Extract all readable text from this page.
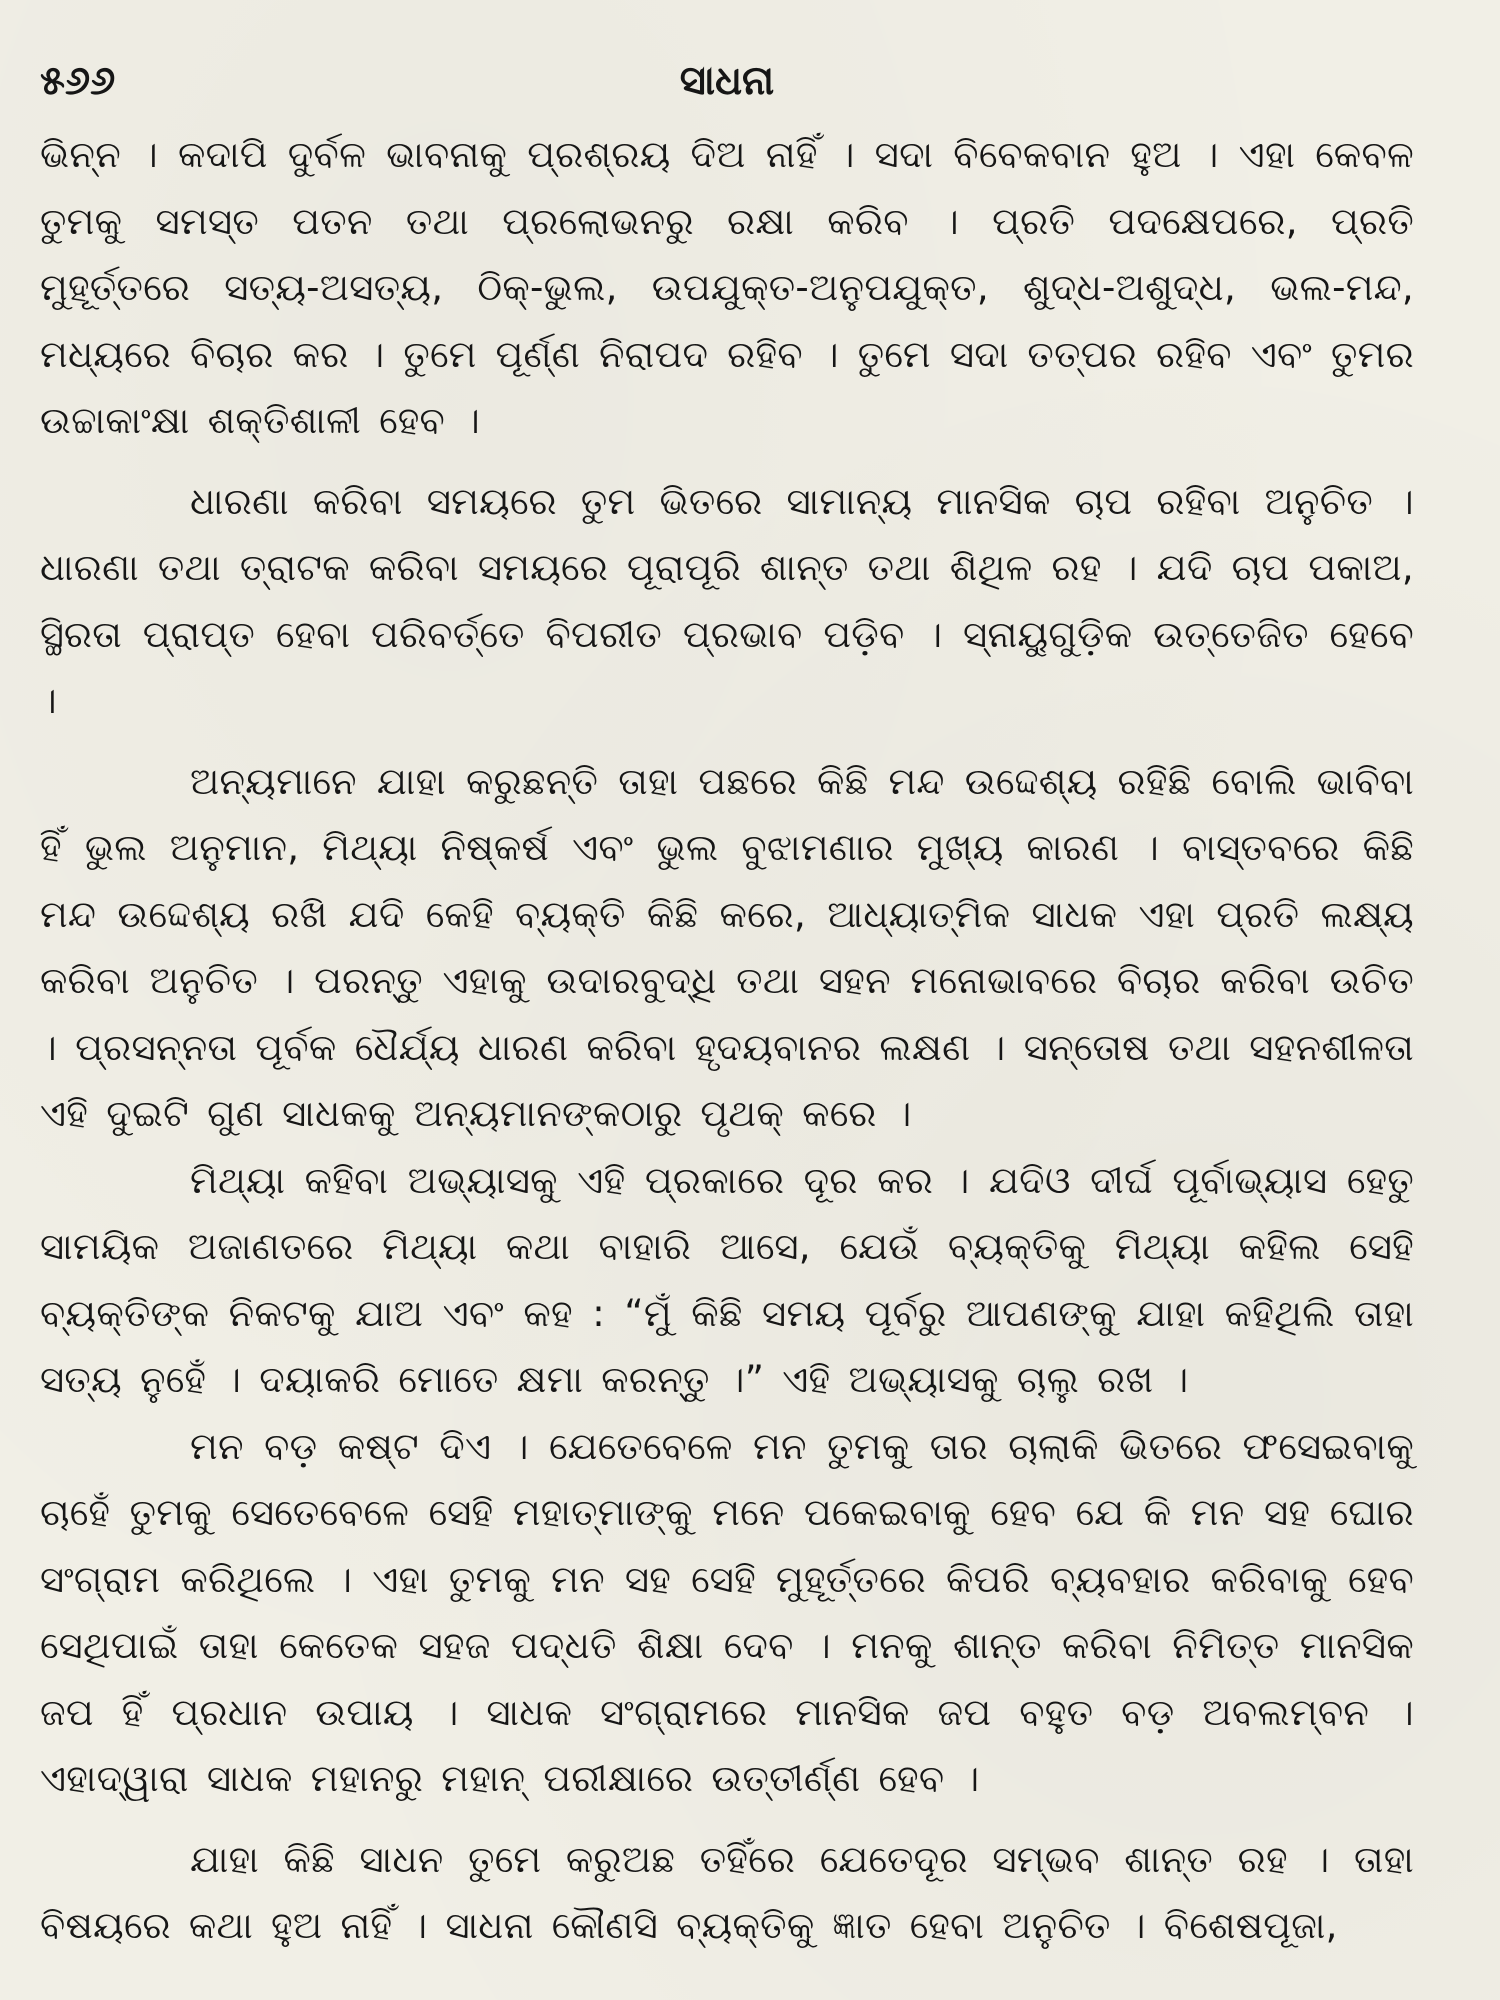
୫୬୬	ସାଧନା

ଭିନ୍ନ । କଦାପି ଦୁର୍ବଳ ଭାବନାକୁ ପ୍ରଶ୍ରୟ ଦିଅ ନାହିଁ । ସଦା ବିବେକବାନ ହୁଅ । ଏହା କେବଳ ତୁମକୁ ସମସ୍ତ ପତନ ତଥା ପ୍ରଲୋଭନରୁ ରକ୍ଷା କରିବ । ପ୍ରତି ପଦକ୍ଷେପରେ, ପ୍ରତି ମୁହୂର୍ତ୍ତରେ ସତ୍ୟ-ଅସତ୍ୟ, ଠିକ୍-ଭୁଲ, ଉପଯୁକ୍ତ-ଅନୁପଯୁକ୍ତ, ଶୁଦ୍ଧ-ଅଶୁଦ୍ଧ, ଭଲ-ମନ୍ଦ, ମଧ୍ୟରେ ବିଚାର କର । ତୁମେ ପୂର୍ଣ୍ଣ ନିରାପଦ ରହିବ । ତୁମେ ସଦା ତତ୍ପର ରହିବ ଏବଂ ତୁମର ଉଚ୍ଚାକାଂକ୍ଷା ଶକ୍ତିଶାଳୀ ହେବ ।

ଧାରଣା କରିବା ସମୟରେ ତୁମ ଭିତରେ ସାମାନ୍ୟ ମାନସିକ ଚାପ ରହିବା ଅନୁଚିତ । ଧାରଣା ତଥା ତ୍ରାଟକ କରିବା ସମୟରେ ପୂରାପୂରି ଶାନ୍ତ ତଥା ଶିଥିଳ ରହ । ଯଦି ଚାପ ପକାଅ, ସ୍ଥିରତା ପ୍ରାପ୍ତ ହେବା ପରିବର୍ତ୍ତେ ବିପରୀତ ପ୍ରଭାବ ପଡ଼ିବ । ସ୍ନାୟୁଗୁଡ଼ିକ ଉତ୍ତେଜିତ ହେବେ ।

ଅନ୍ୟମାନେ ଯାହା କରୁଛନ୍ତି ତାହା ପଛରେ କିଛି ମନ୍ଦ ଉଦ୍ଦେଶ୍ୟ ରହିଛି ବୋଲି ଭାବିବା ହିଁ ଭୁଲ ଅନୁମାନ, ମିଥ୍ୟା ନିଷ୍କର୍ଷ ଏବଂ ଭୁଲ ବୁଝାମଣାର ମୁଖ୍ୟ କାରଣ । ବାସ୍ତବରେ କିଛି ମନ୍ଦ ଉଦ୍ଦେଶ୍ୟ ରଖି ଯଦି କେହି ବ୍ୟକ୍ତି କିଛି କରେ, ଆଧ୍ୟାତ୍ମିକ ସାଧକ ଏହା ପ୍ରତି ଲକ୍ଷ୍ୟ କରିବା ଅନୁଚିତ । ପରନ୍ତୁ ଏହାକୁ ଉଦାରବୁଦ୍ଧି ତଥା ସହନ ମନୋଭାବରେ ବିଚାର କରିବା ଉଚିତ । ପ୍ରସନ୍ନତା ପୂର୍ବକ ଧୈର୍ଯ୍ୟ ଧାରଣ କରିବା ହୃଦୟବାନର ଲକ୍ଷଣ । ସନ୍ତୋଷ ତଥା ସହନଶୀଳତା ଏହି ଦୁଇଟି ଗୁଣ ସାଧକକୁ ଅନ୍ୟମାନଙ୍କଠାରୁ ପୃଥକ୍ କରେ ।

ମିଥ୍ୟା କହିବା ଅଭ୍ୟାସକୁ ଏହି ପ୍ରକାରେ ଦୂର କର । ଯଦିଓ ଦୀର୍ଘ ପୂର୍ବାଭ୍ୟାସ ହେତୁ ସାମୟିକ ଅଜାଣତରେ ମିଥ୍ୟା କଥା ବାହାରି ଆସେ, ଯେଉଁ ବ୍ୟକ୍ତିକୁ ମିଥ୍ୟା କହିଲ ସେହି ବ୍ୟକ୍ତିଙ୍କ ନିକଟକୁ ଯାଅ ଏବଂ କହ : “ମୁଁ କିଛି ସମୟ ପୂର୍ବରୁ ଆପଣଙ୍କୁ ଯାହା କହିଥିଲି ତାହା ସତ୍ୟ ନୁହେଁ । ଦୟାକରି ମୋତେ କ୍ଷମା କରନ୍ତୁ ।” ଏହି ଅଭ୍ୟାସକୁ ଚାଲୁ ରଖ ।

ମନ ବଡ଼ କଷ୍ଟ ଦିଏ । ଯେତେବେଳେ ମନ ତୁମକୁ ତାର ଚାଲାକି ଭିତରେ ଫସେଇବାକୁ ଚାହେଁ ତୁମକୁ ସେତେବେଳେ ସେହି ମହାତ୍ମାଙ୍କୁ ମନେ ପକେଇବାକୁ ହେବ ଯେ କି ମନ ସହ ଘୋର ସଂଗ୍ରାମ କରିଥିଲେ । ଏହା ତୁମକୁ ମନ ସହ ସେହି ମୁହୂର୍ତ୍ତରେ କିପରି ବ୍ୟବହାର କରିବାକୁ ହେବ ସେଥିପାଇଁ ତାହା କେତେକ ସହଜ ପଦ୍ଧତି ଶିକ୍ଷା ଦେବ । ମନକୁ ଶାନ୍ତ କରିବା ନିମିତ୍ତ ମାନସିକ ଜପ ହିଁ ପ୍ରଧାନ ଉପାୟ । ସାଧକ ସଂଗ୍ରାମରେ ମାନସିକ ଜପ ବହୁତ ବଡ଼ ଅବଲମ୍ବନ । ଏହାଦ୍ୱାରା ସାଧକ ମହାନରୁ ମହାନ୍ ପରୀକ୍ଷାରେ ଉତ୍ତୀର୍ଣ୍ଣ ହେବ ।

ଯାହା କିଛି ସାଧନ ତୁମେ କରୁଅଛ ତହିଁରେ ଯେତେଦୂର ସମ୍ଭବ ଶାନ୍ତ ରହ । ତାହା ବିଷୟରେ କଥା ହୁଅ ନାହିଁ । ସାଧନା କୌଣସି ବ୍ୟକ୍ତିକୁ ଜ୍ଞାତ ହେବା ଅନୁଚିତ । ବିଶେଷପୂଜା,
